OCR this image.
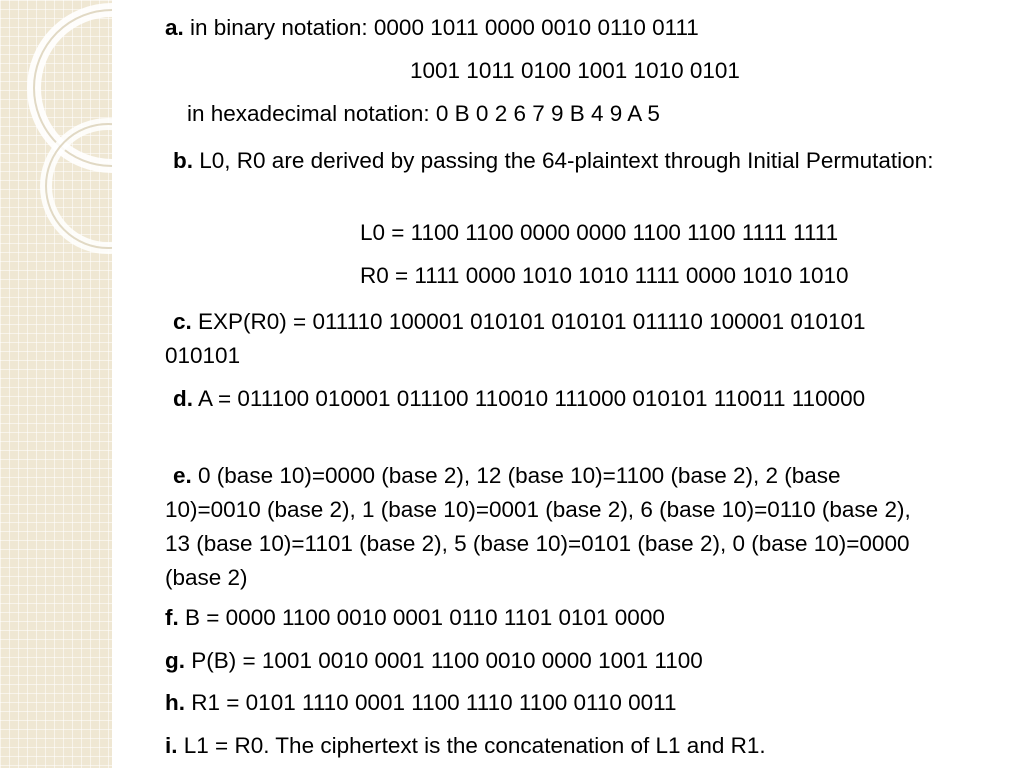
a. in binary notation: 0000 1011 0000 0010 0110 0111
1001 1011 0100 1001 1010 0101
in hexadecimal notation: 0 B 0 2 6 7 9 B 4 9 A 5
b. L0, R0 are derived by passing the 64-plaintext through Initial Permutation:
L0 = 1100 1100 0000 0000 1100 1100 1111 1111
R0 = 1111 0000 1010 1010 1111 0000 1010 1010
c. EXP(R0) = 011110 100001 010101 010101 011110 100001 010101 010101
d. A = 011100 010001 011100 110010 111000 010101 110011 110000
e. 0 (base 10)=0000 (base 2), 12 (base 10)=1100 (base 2), 2 (base 10)=0010 (base 2), 1 (base 10)=0001 (base 2), 6 (base 10)=0110 (base 2), 13 (base 10)=1101 (base 2), 5 (base 10)=0101 (base 2), 0 (base 10)=0000 (base 2)
f. B = 0000 1100 0010 0001 0110 1101 0101 0000
g. P(B) = 1001 0010 0001 1100 0010 0000 1001 1100
h. R1 = 0101 1110 0001 1100 1110 1100 0110 0011
i. L1 = R0. The ciphertext is the concatenation of L1 and R1.
